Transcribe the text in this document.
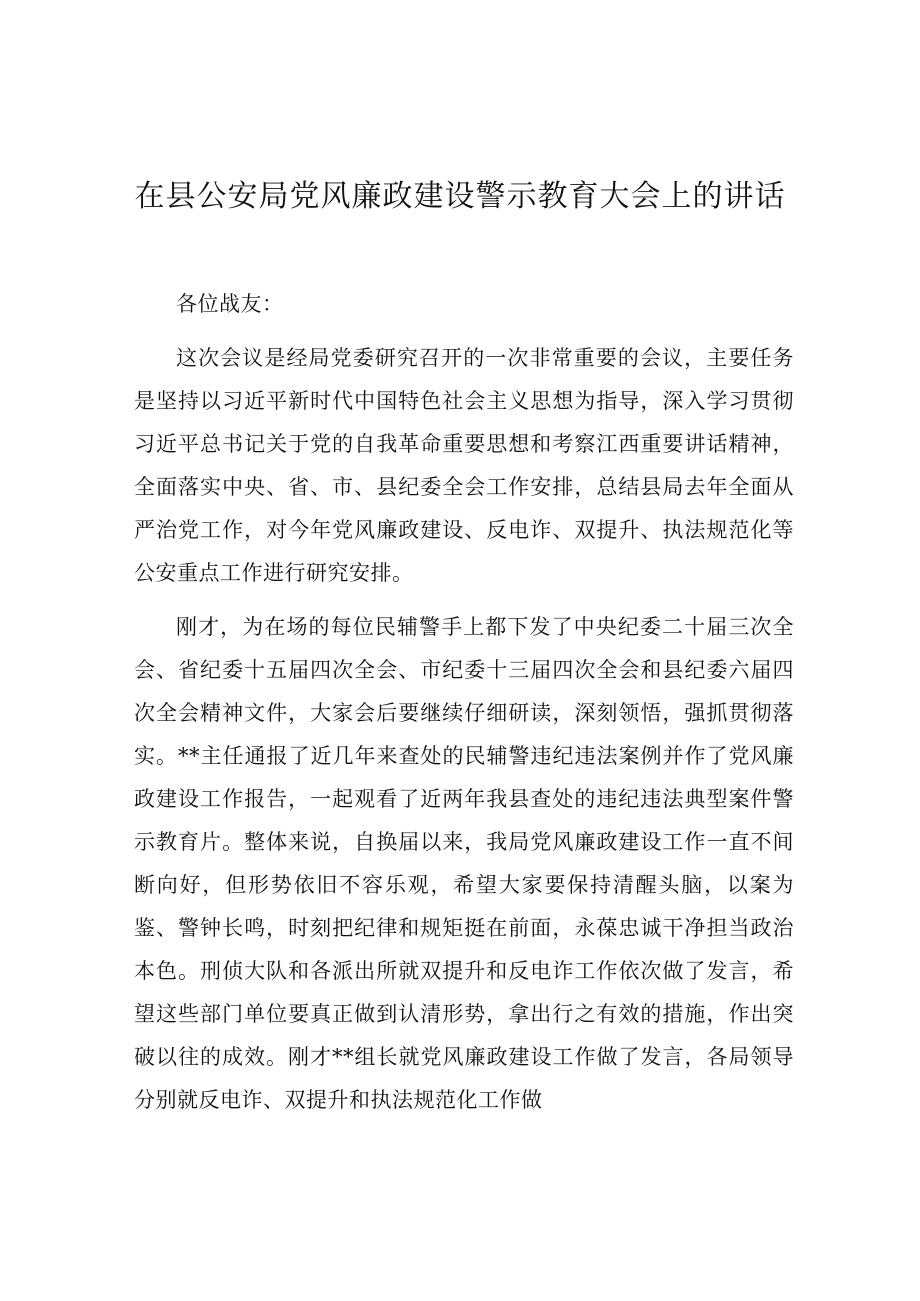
在县公安局党风廉政建设警示教育大会上的讲话

各位战友：

这次会议是经局党委研究召开的一次非常重要的会议，主要任务是坚持以习近平新时代中国特色社会主义思想为指导，深入学习贯彻习近平总书记关于党的自我革命重要思想和考察江西重要讲话精神，全面落实中央、省、市、县纪委全会工作安排，总结县局去年全面从严治党工作，对今年党风廉政建设、反电诈、双提升、执法规范化等公安重点工作进行研究安排。

刚才，为在场的每位民辅警手上都下发了中央纪委二十届三次全会、省纪委十五届四次全会、市纪委十三届四次全会和县纪委六届四次全会精神文件，大家会后要继续仔细研读，深刻领悟，强抓贯彻落实。**主任通报了近几年来查处的民辅警违纪违法案例并作了党风廉政建设工作报告，一起观看了近两年我县查处的违纪违法典型案件警示教育片。整体来说，自换届以来，我局党风廉政建设工作一直不间断向好，但形势依旧不容乐观，希望大家要保持清醒头脑，以案为鉴、警钟长鸣，时刻把纪律和规矩挺在前面，永葆忠诚干净担当政治本色。刑侦大队和各派出所就双提升和反电诈工作依次做了发言，希望这些部门单位要真正做到认清形势，拿出行之有效的措施，作出突破以往的成效。刚才**组长就党风廉政建设工作做了发言，各局领导分别就反电诈、双提升和执法规范化工作做
